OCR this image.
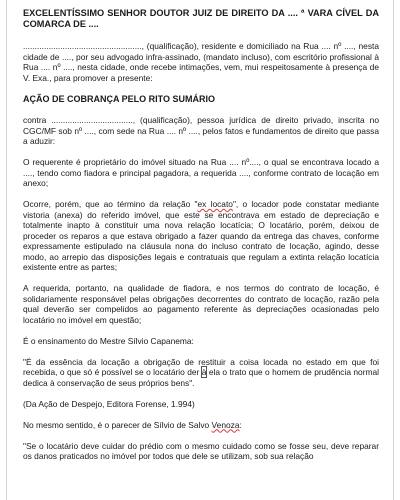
EXCELENTÍSSIMO SENHOR DOUTOR JUIZ DE DIREITO DA .... ª VARA CÍVEL DA COMARCA DE ....

..................................................., (qualificação), residente e domiciliado na Rua .... nº ...., nesta cidade de ...., por seu advogado infra-assinado, (mandato incluso), com escritório profissional à Rua .... nº ...., nesta cidade, onde recebe intimações, vem, mui respeitosamente à presença de V. Exa., para promover a presente:

AÇÃO DE COBRANÇA PELO RITO SUMÁRIO

contra ..................................., (qualificação), pessoa jurídica de direito privado, inscrita no CGC/MF sob nº ...., com sede na Rua .... nº ...., pelos fatos e fundamentos de direito que passa a aduzir:

O requerente é proprietário do imóvel situado na Rua .... nº...., o qual se encontrava locado a ...., tendo como fiadora e principal pagadora, a requerida ...., conforme contrato de locação em anexo;

Ocorre, porém, que ao término da relação "ex locato", o locador pode constatar mediante vistoria (anexa) do referido imóvel, que este se encontrava em estado de depreciação e totalmente inapto à constituir uma nova relação locatícia; O locatário, porém, deixou de proceder os reparos a que estava obrigado a fazer quando da entrega das chaves, conforme expressamente estipulado na cláusula nona do incluso contrato de locação, agindo, desse modo, ao arrepio das disposições legais e contratuais que regulam a extinta relação locatícia existente entre as partes;

A requerida, portanto, na qualidade de fiadora, e nos termos do contrato de locação, é solidariamente responsável pelas obrigações decorrentes do contrato de locação, razão pela qual deverão ser compelidos ao pagamento referente às depreciações ocasionadas pelo locatário no imóvel em questão;

É o ensinamento do Mestre Sílvio Capanema:

"É da essência da locação a obrigação de restituir a coisa locada no estado em que foi recebida, o que só é possível se o locatário der à ela o trato que o homem de prudência normal dedica à conservação de seus próprios bens".

(Da Ação de Despejo, Editora Forense, 1.994)

No mesmo sentido, é o parecer de Sílvio de Salvo Venoza:

"Se o locatário deve cuidar do prédio com o mesmo cuidado como se fosse seu, deve reparar os danos praticados no imóvel por todos que dele se utilizam, sob sua relação
